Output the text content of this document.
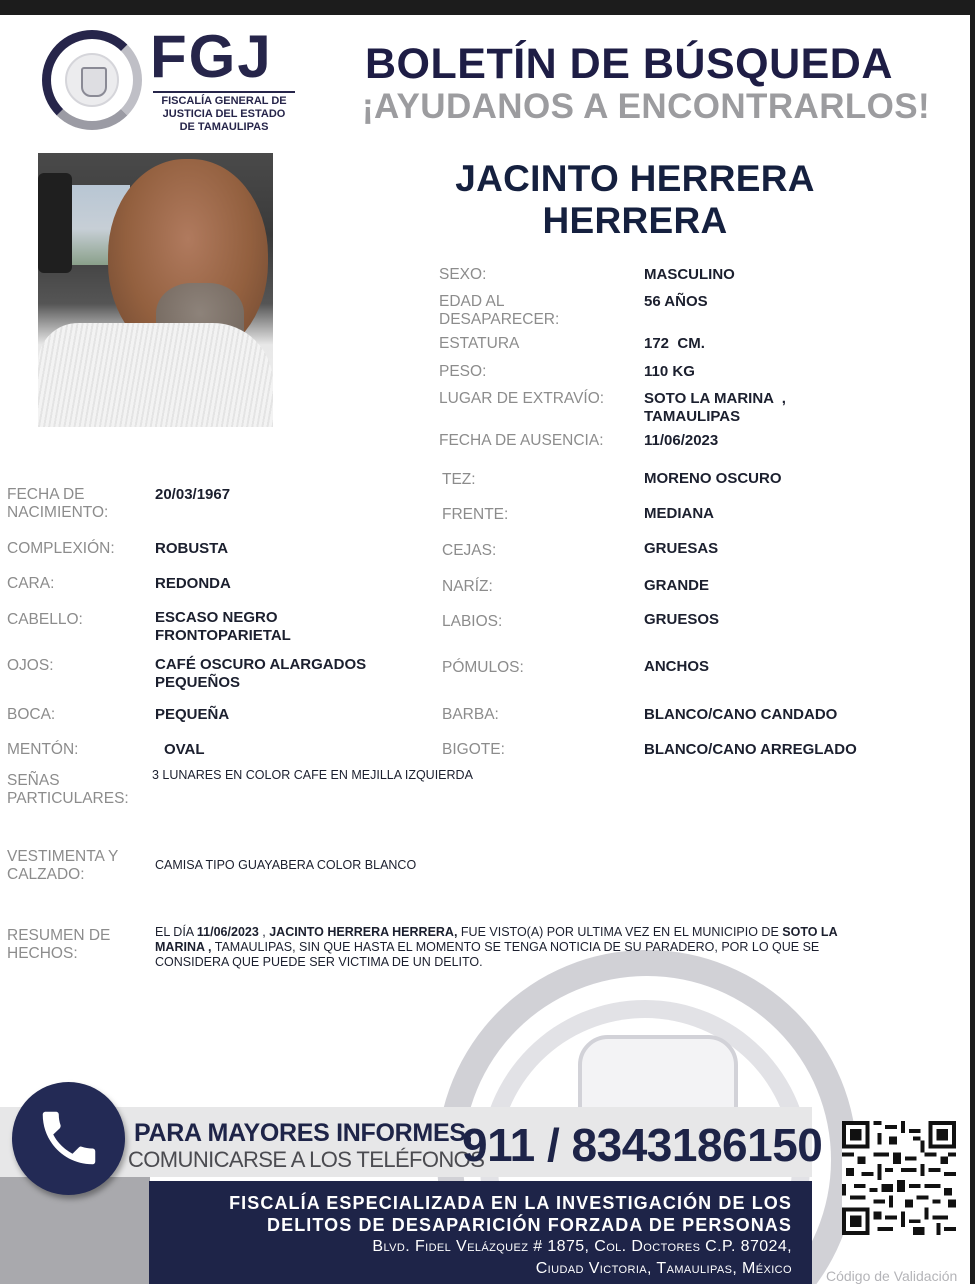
FGJ
FISCALÍA GENERAL DE
JUSTICIA DEL ESTADO
DE TAMAULIPAS
BOLETÍN DE BÚSQUEDA
¡AYUDANOS A ENCONTRARLOS!
JACINTO HERRERA
HERRERA
SEXO:	MASCULINO
EDAD AL DESAPARECER:
56 AÑOS
ESTATURA	172  CM.
PESO:	110 KG
LUGAR DE EXTRAVÍO:	SOTO LA MARINA  , TAMAULIPAS
FECHA DE AUSENCIA:	11/06/2023
FECHA DE NACIMIENTO:
20/03/1967
COMPLEXIÓN:	ROBUSTA
CARA:	REDONDA
CABELLO:	ESCASO NEGRO FRONTOPARIETAL
OJOS:	CAFÉ OSCURO ALARGADOS PEQUEÑOS
BOCA:	PEQUEÑA
MENTÓN:	OVAL
TEZ:	MORENO OSCURO
FRENTE:	MEDIANA
CEJAS:	GRUESAS
NARÍZ:	GRANDE
LABIOS:	GRUESOS
PÓMULOS:	ANCHOS
BARBA:	BLANCO/CANO CANDADO
BIGOTE:	BLANCO/CANO ARREGLADO
SEÑAS PARTICULARES:
3 LUNARES EN COLOR CAFE EN MEJILLA IZQUIERDA
VESTIMENTA Y CALZADO:
CAMISA TIPO GUAYABERA COLOR BLANCO
RESUMEN DE HECHOS:
EL DÍA 11/06/2023 , JACINTO HERRERA HERRERA, FUE VISTO(A) POR ULTIMA VEZ EN EL MUNICIPIO DE SOTO LA MARINA , TAMAULIPAS, SIN QUE HASTA EL MOMENTO SE TENGA NOTICIA DE SU PARADERO, POR LO QUE SE CONSIDERA QUE PUEDE SER VICTIMA DE UN DELITO.
PARA MAYORES INFORMES,
COMUNICARSE A LOS TELÉFONOS
911 / 8343186150
FISCALÍA ESPECIALIZADA EN LA INVESTIGACIÓN DE LOS
DELITOS DE DESAPARICIÓN FORZADA DE PERSONAS
Blvd. Fidel Velázquez # 1875, Col. Doctores C.P. 87024,
Ciudad Victoria, Tamaulipas, México Código de Validación
